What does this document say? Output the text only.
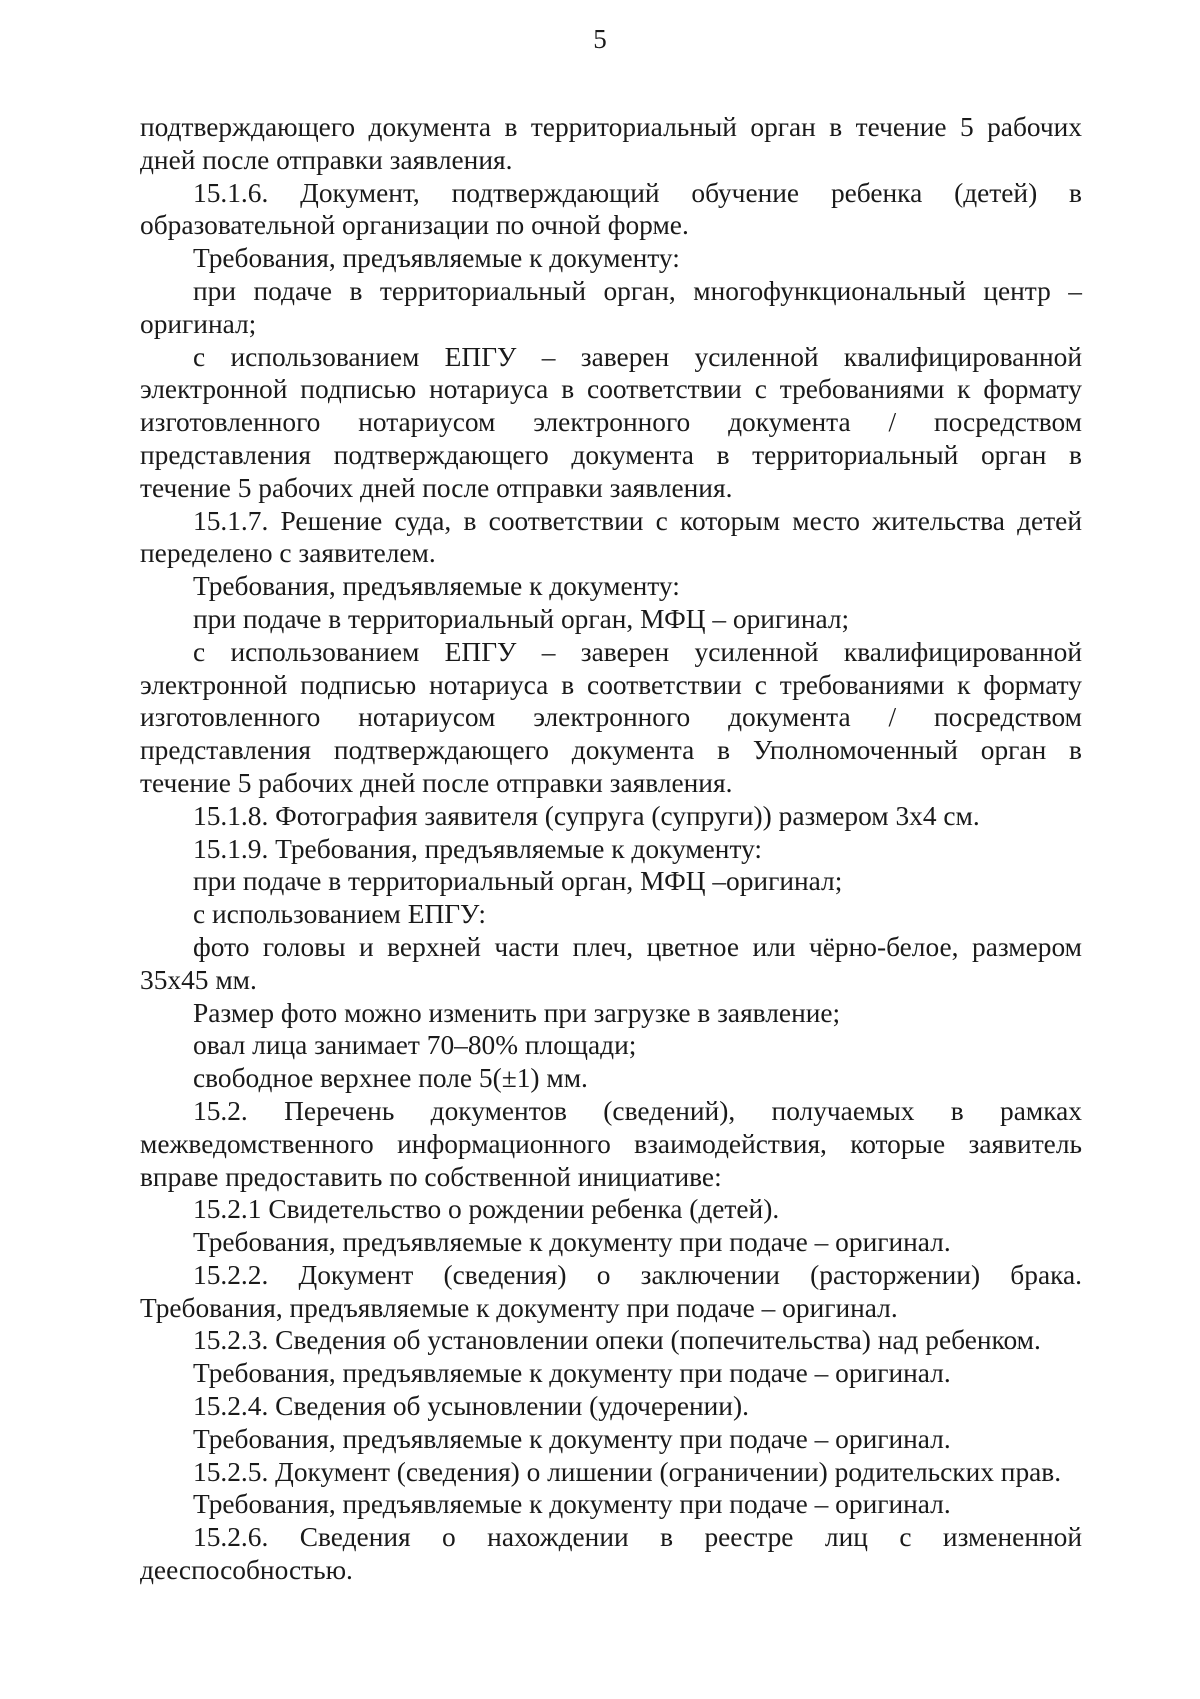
5

подтверждающего документа в территориальный орган в течение 5 рабочих дней после отправки заявления.

15.1.6. Документ, подтверждающий обучение ребенка (детей) в образовательной организации по очной форме.

Требования, предъявляемые к документу:

при подаче в территориальный орган, многофункциональный центр – оригинал;

с использованием ЕПГУ – заверен усиленной квалифицированной электронной подписью нотариуса в соответствии с требованиями к формату изготовленного нотариусом электронного документа / посредством представления подтверждающего документа в территориальный орган в течение 5 рабочих дней после отправки заявления.

15.1.7. Решение суда, в соответствии с которым место жительства детей переделено с заявителем.

Требования, предъявляемые к документу:

при подаче в территориальный орган, МФЦ – оригинал;

с использованием ЕПГУ – заверен усиленной квалифицированной электронной подписью нотариуса в соответствии с требованиями к формату изготовленного нотариусом электронного документа / посредством представления подтверждающего документа в Уполномоченный орган в течение 5 рабочих дней после отправки заявления.

15.1.8. Фотография заявителя (супруга (супруги)) размером 3х4 см.

15.1.9. Требования, предъявляемые к документу:

при подаче в территориальный орган, МФЦ –оригинал;

с использованием ЕПГУ:

фото головы и верхней части плеч, цветное или чёрно-белое, размером 35х45 мм.

Размер фото можно изменить при загрузке в заявление;

овал лица занимает 70–80% площади;

свободное верхнее поле 5(±1) мм.

15.2. Перечень документов (сведений), получаемых в рамках межведомственного информационного взаимодействия, которые заявитель вправе предоставить по собственной инициативе:

15.2.1 Свидетельство о рождении ребенка (детей).

Требования, предъявляемые к документу при подаче – оригинал.

15.2.2. Документ (сведения) о заключении (расторжении) брака. Требования, предъявляемые к документу при подаче – оригинал.

15.2.3. Сведения об установлении опеки (попечительства) над ребенком.

Требования, предъявляемые к документу при подаче – оригинал.

15.2.4. Сведения об усыновлении (удочерении).

Требования, предъявляемые к документу при подаче – оригинал.

15.2.5. Документ (сведения) о лишении (ограничении) родительских прав.

Требования, предъявляемые к документу при подаче – оригинал.

15.2.6. Сведения о нахождении в реестре лиц с измененной дееспособностью.
